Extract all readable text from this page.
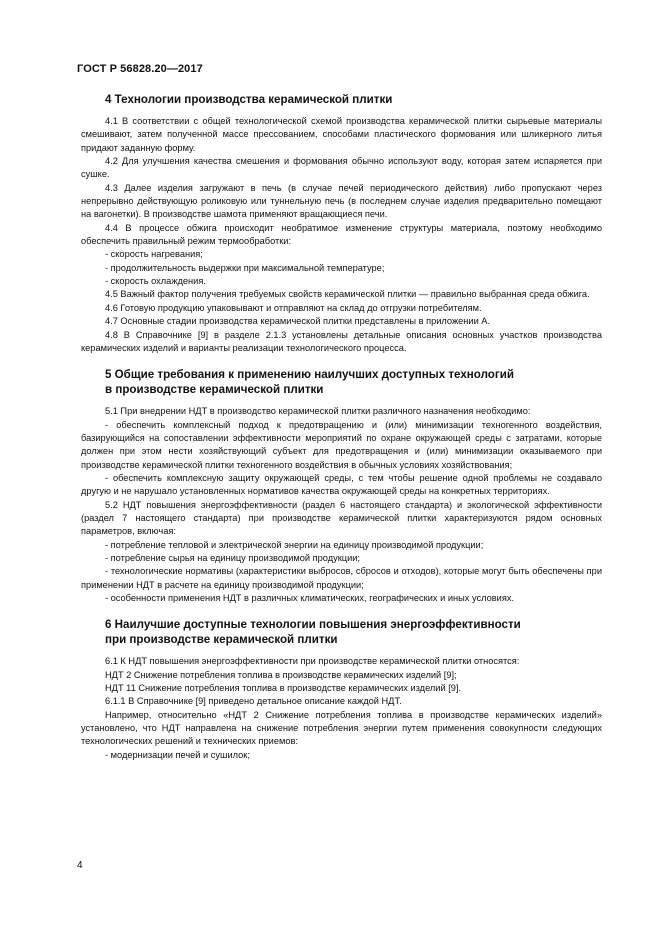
ГОСТ Р 56828.20—2017
4 Технологии производства керамической плитки

4.1 В соответствии с общей технологической схемой производства керамической плитки сырьевые материалы смешивают, затем полученной массе прессованием, способами пластического формования или шликерного литья придают заданную форму.

4.2 Для улучшения качества смешения и формования обычно используют воду, которая затем испаряется при сушке.

4.3 Далее изделия загружают в печь (в случае печей периодического действия) либо пропускают через непрерывно действующую роликовую или туннельную печь (в последнем случае изделия предварительно помещают на вагонетки). В производстве шамота применяют вращающиеся печи.

4.4 В процессе обжига происходит необратимое изменение структуры материала, поэтому необходимо обеспечить правильный режим термообработки:

- скорость нагревания;

- продолжительность выдержки при максимальной температуре;

- скорость охлаждения.

4.5 Важный фактор получения требуемых свойств керамической плитки — правильно выбранная среда обжига.

4.6 Готовую продукцию упаковывают и отправляют на склад до отгрузки потребителям.

4.7 Основные стадии производства керамической плитки представлены в приложении А.

4.8 В Справочнике [9] в разделе 2.1.3 установлены детальные описания основных участков производства керамических изделий и варианты реализации технологического процесса.

5 Общие требования к применению наилучших доступных технологий
в производстве керамической плитки

5.1 При внедрении НДТ в производство керамической плитки различного назначения необходимо:

- обеспечить комплексный подход к предотвращению и (или) минимизации техногенного воздействия, базирующийся на сопоставлении эффективности мероприятий по охране окружающей среды с затратами, которые должен при этом нести хозяйствующий субъект для предотвращения и (или) минимизации оказываемого при производстве керамической плитки техногенного воздействия в обычных условиях хозяйствования;

- обеспечить комплексную защиту окружающей среды, с тем чтобы решение одной проблемы не создавало другую и не нарушало установленных нормативов качества окружающей среды на конкретных территориях.

5.2 НДТ повышения энергоэффективности (раздел 6 настоящего стандарта) и экологической эффективности (раздел 7 настоящего стандарта) при производстве керамической плитки характеризуются рядом основных параметров, включая:

- потребление тепловой и электрической энергии на единицу производимой продукции;

- потребление сырья на единицу производимой продукции;

- технологические нормативы (характеристики выбросов, сбросов и отходов), которые могут быть обеспечены при применении НДТ в расчете на единицу производимой продукции;

- особенности применения НДТ в различных климатических, географических и иных условиях.

6 Наилучшие доступные технологии повышения энергоэффективности
при производстве керамической плитки

6.1 К НДТ повышения энергоэффективности при производстве керамической плитки относятся:

НДТ 2 Снижение потребления топлива в производстве керамических изделий [9];

НДТ 11 Снижение потребления топлива в производстве керамических изделий [9].

6.1.1 В Справочнике [9] приведено детальное описание каждой НДТ.

Например, относительно «НДТ 2 Снижение потребления топлива в производстве керамических изделий» установлено, что НДТ направлена на снижение потребления энергии путем применения совокупности следующих технологических решений и технических приемов:

- модернизации печей и сушилок;

4
